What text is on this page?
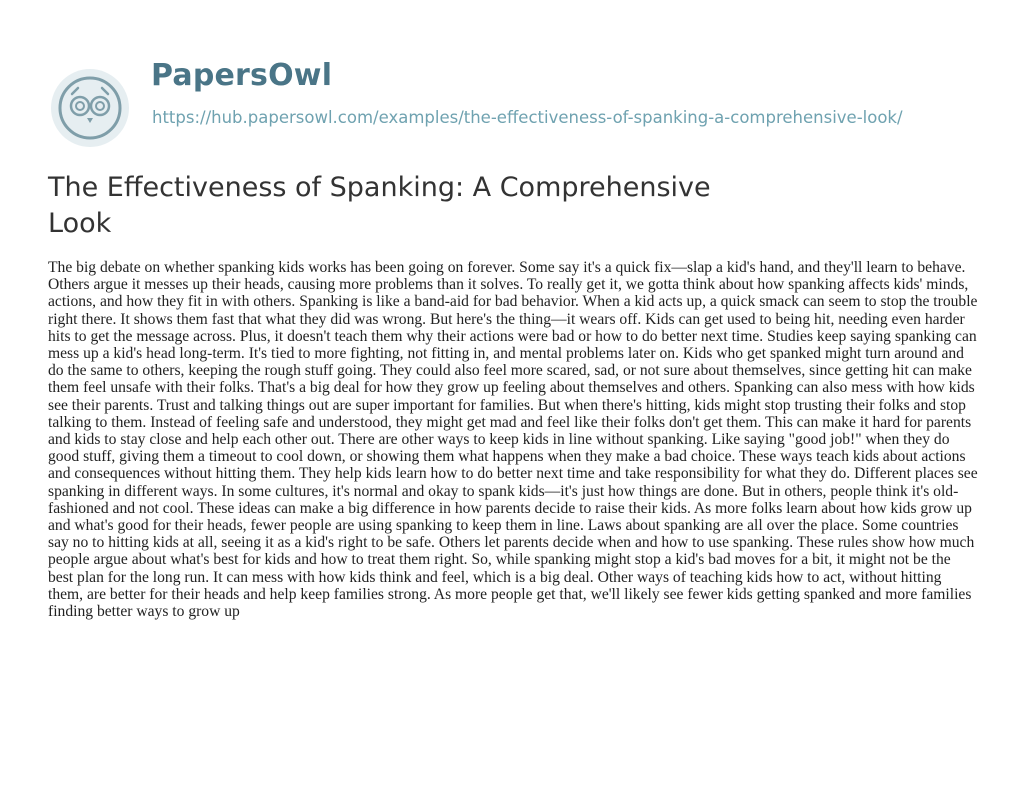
PapersOwl
https://hub.papersowl.com/examples/the-effectiveness-of-spanking-a-comprehensive-look/
The Effectiveness of Spanking: A Comprehensive Look

The big debate on whether spanking kids works has been going on forever. Some say it's a quick fix—slap a kid's hand, and they'll learn to behave. Others argue it messes up their heads, causing more problems than it solves. To really get it, we gotta think about how spanking affects kids' minds, actions, and how they fit in with others. Spanking is like a band-aid for bad behavior. When a kid acts up, a quick smack can seem to stop the trouble right there. It shows them fast that what they did was wrong. But here's the thing—it wears off. Kids can get used to being hit, needing even harder hits to get the message across. Plus, it doesn't teach them why their actions were bad or how to do better next time. Studies keep saying spanking can mess up a kid's head long-term. It's tied to more fighting, not fitting in, and mental problems later on. Kids who get spanked might turn around and do the same to others, keeping the rough stuff going. They could also feel more scared, sad, or not sure about themselves, since getting hit can make them feel unsafe with their folks. That's a big deal for how they grow up feeling about themselves and others. Spanking can also mess with how kids see their parents. Trust and talking things out are super important for families. But when there's hitting, kids might stop trusting their folks and stop talking to them. Instead of feeling safe and understood, they might get mad and feel like their folks don't get them. This can make it hard for parents and kids to stay close and help each other out. There are other ways to keep kids in line without spanking. Like saying "good job!" when they do good stuff, giving them a timeout to cool down, or showing them what happens when they make a bad choice. These ways teach kids about actions and consequences without hitting them. They help kids learn how to do better next time and take responsibility for what they do. Different places see spanking in different ways. In some cultures, it's normal and okay to spank kids—it's just how things are done. But in others, people think it's old-fashioned and not cool. These ideas can make a big difference in how parents decide to raise their kids. As more folks learn about how kids grow up and what's good for their heads, fewer people are using spanking to keep them in line. Laws about spanking are all over the place. Some countries say no to hitting kids at all, seeing it as a kid's right to be safe. Others let parents decide when and how to use spanking. These rules show how much people argue about what's best for kids and how to treat them right. So, while spanking might stop a kid's bad moves for a bit, it might not be the best plan for the long run. It can mess with how kids think and feel, which is a big deal. Other ways of teaching kids how to act, without hitting them, are better for their heads and help keep families strong. As more people get that, we'll likely see fewer kids getting spanked and more families finding better ways to grow up
